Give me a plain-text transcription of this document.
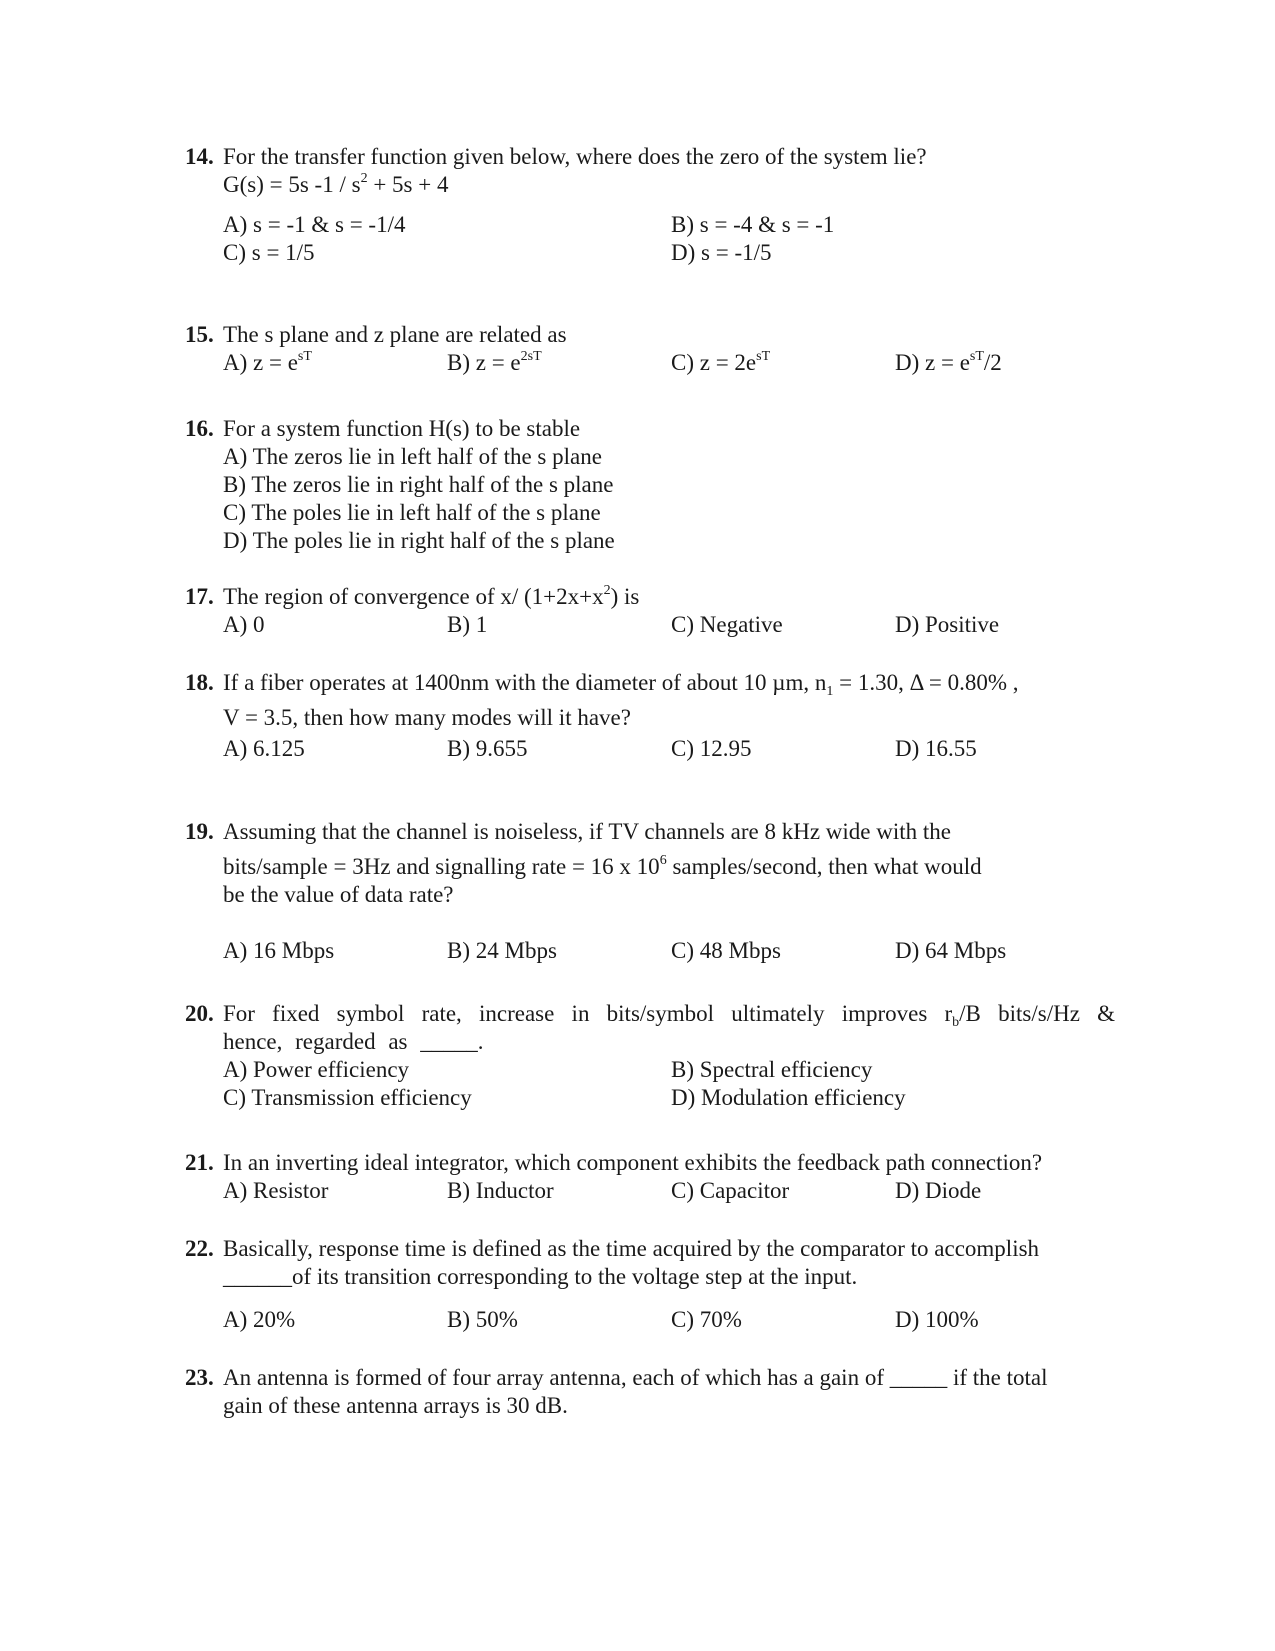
14. For the transfer function given below, where does the zero of the system lie?
G(s) = 5s $-1 / s^2 + 5s + 4$
A) s = -1 & s = -1/4	B) s = -4 & s = -1
C) s = 1/5	D) s = -1/5
15. The s plane and z plane are related as
A) $z = e^{sT}$	B) $z = e^{2sT}$	C) $z = 2e^{sT}$	D) $z = e^{sT}/2$
16. For a system function H(s) to be stable
A) The zeros lie in left half of the s plane
B) The zeros lie in right half of the s plane
C) The poles lie in left half of the s plane
D) The poles lie in right half of the s plane
17. The region of convergence of x/ $(1+2x+x^2)$ is
A) 0	B) 1	C) Negative	D) Positive
18. If a fiber operates at 1400nm with the diameter of about 10 µm, $n_1 = 1.30$, Δ = 0.80% ,
V = 3.5, then how many modes will it have?
A) 6.125	B) 9.655	C) 12.95	D) 16.55
19. Assuming that the channel is noiseless, if TV channels are 8 kHz wide with the
bits/sample = 3Hz and signalling rate = 16 x $10^6$ samples/second, then what would
be the value of data rate?
A) 16 Mbps	B) 24 Mbps	C) 48 Mbps	D) 64 Mbps
20. For fixed symbol rate, increase in bits/symbol ultimately improves $r_b/B$ bits/s/Hz & hence, regarded as _____.
A) Power efficiency	B) Spectral efficiency
C) Transmission efficiency	D) Modulation efficiency
21. In an inverting ideal integrator, which component exhibits the feedback path connection?
A) Resistor	B) Inductor	C) Capacitor	D) Diode
22. Basically, response time is defined as the time acquired by the comparator to accomplish
______of its transition corresponding to the voltage step at the input.
A) 20%	B) 50%	C) 70%	D) 100%
23. An antenna is formed of four array antenna, each of which has a gain of _____ if the total
gain of these antenna arrays is 30 dB.
